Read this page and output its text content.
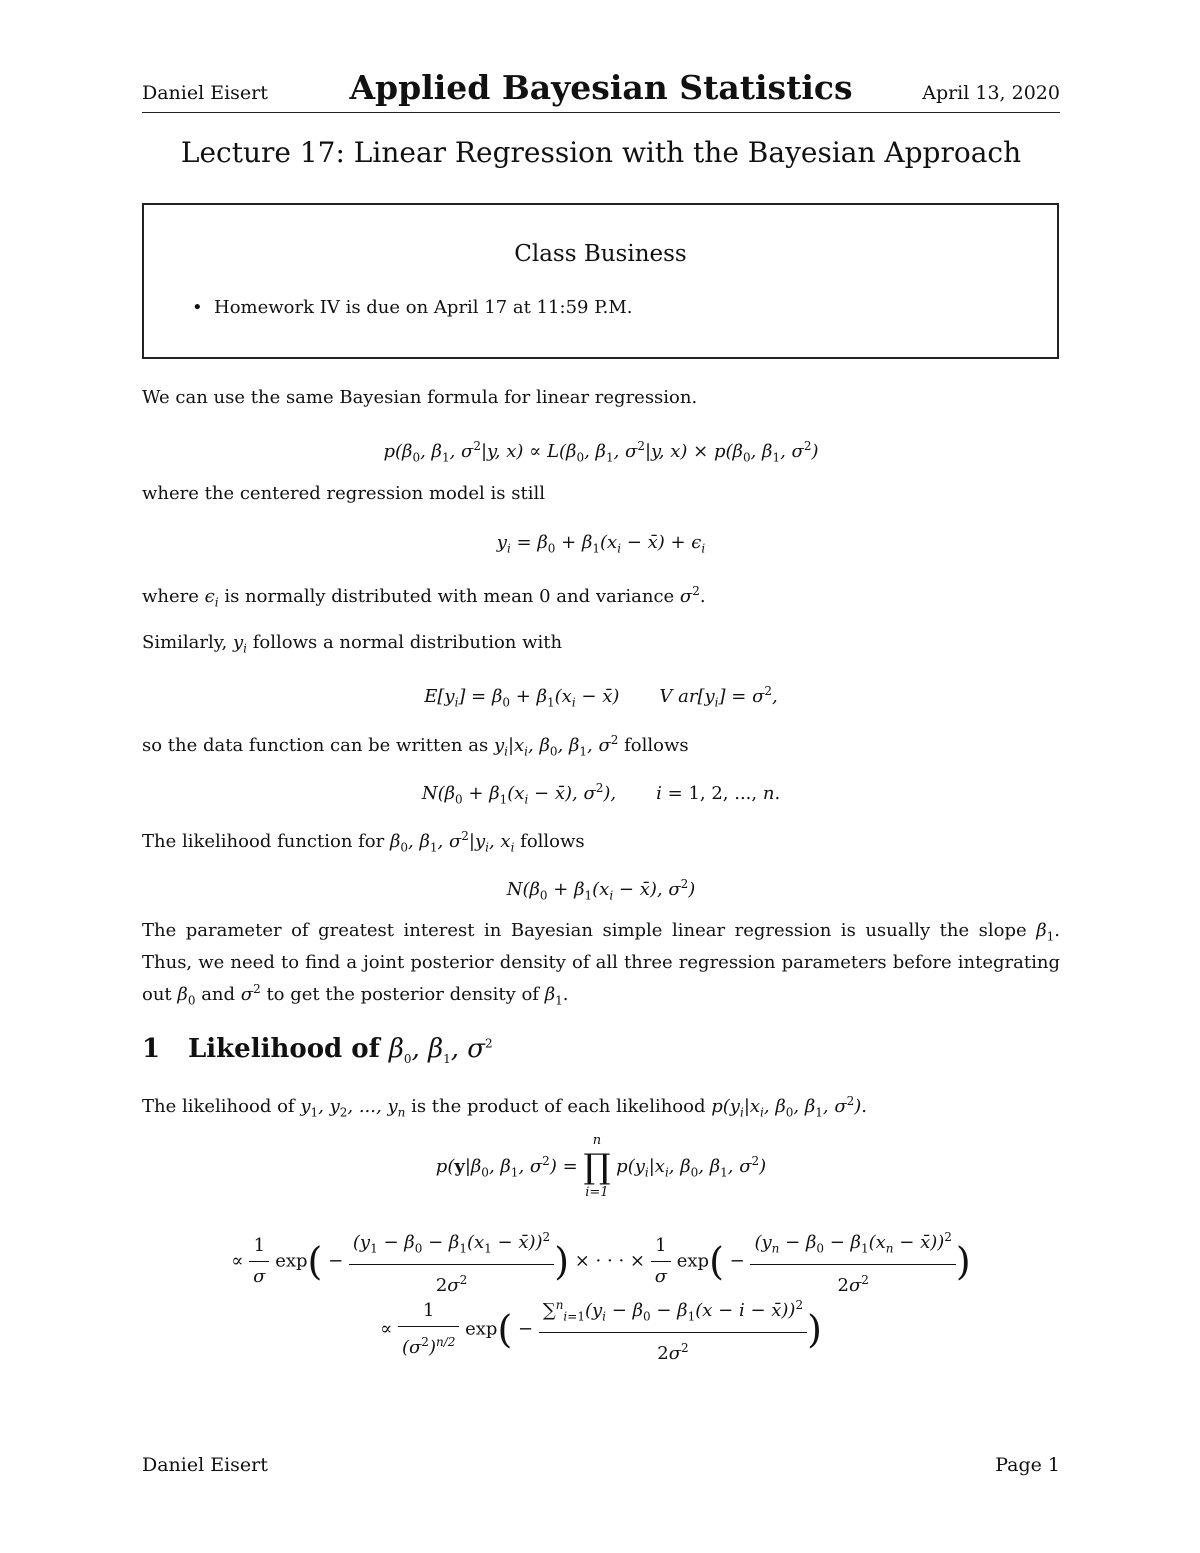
Daniel Eisert	Applied Bayesian Statistics	April 13, 2020
Lecture 17: Linear Regression with the Bayesian Approach
Class Business
• Homework IV is due on April 17 at 11:59 P.M.
We can use the same Bayesian formula for linear regression.
$p(\beta_0$, $\beta_1$, $\sigma^2|y$, $x) \propto L(\beta_0$, $\beta_1$, $\sigma^2|y$, $x) \times p(\beta_0$, $\beta_1$, $\sigma^2$)
where the centered regression model is still
$y_i = \beta_0 + \beta_1(x_i$ − x̄) + $\epsilon_i$
where $\epsilon_i$ is normally distributed with mean 0 and variance $\sigma^2$.
Similarly, $y_i$ follows a normal distribution with
$E[y_i] = \beta_0 + \beta_1(x_i$ − x̄) V $ar[y_i] = \sigma^2$,
so the data function can be written as $y_i|x_i$, $\beta_0$, $\beta_1$, $\sigma^2$ follows
$N(\beta_0 + \beta_1(x_i$ − x̄), $\sigma^2$), i = 1, 2, ..., n.
The likelihood function for $\beta_0$, $\beta_1$, $\sigma^2|y_i$, $x_i$ follows
$N(\beta_0 + \beta_1(x_i$ − x̄), $\sigma^2$)
The parameter of greatest interest in Bayesian simple linear regression is usually the slope $\beta_1$. Thus, we need to find a joint posterior density of all three regression parameters before integrating out $\beta_0$ and $\sigma^2$ to get the posterior density of $\beta_1$.
1 Likelihood of $\beta_0$, $\beta_1$, $\sigma^2$
The likelihood of $y_1$, $y_2$, ..., $y_n$ is the product of each likelihood $p(y_i|x_i$, $\beta_0$, $\beta_1$, $\sigma^2$).
$p(y|\beta_0$, $\beta_1$, $\sigma^2$) =
n
∏
i=1
$p(y_i|x_i$, $\beta_0$, $\beta_1$, $\sigma^2$)
∝ $\frac{1}{\sigma} \exp( - \frac{(y_1 - \beta_0 - \beta_1(x_1 - x̄))^2}{2\sigma^2}$ ) × · · · × $\frac{1}{\sigma} \exp( - \frac{(y_n - \beta_0 - \beta_1(x_n - x̄))^2}{2\sigma^2}$ )
∝ $\frac{1}{(\sigma^2)^{n/2}} \exp( - \frac{\sum^n_{i=1}(y_i - \beta_0 - \beta_1(x - i - x̄))^2}{2\sigma^2}$ )
Daniel Eisert	Page 1
